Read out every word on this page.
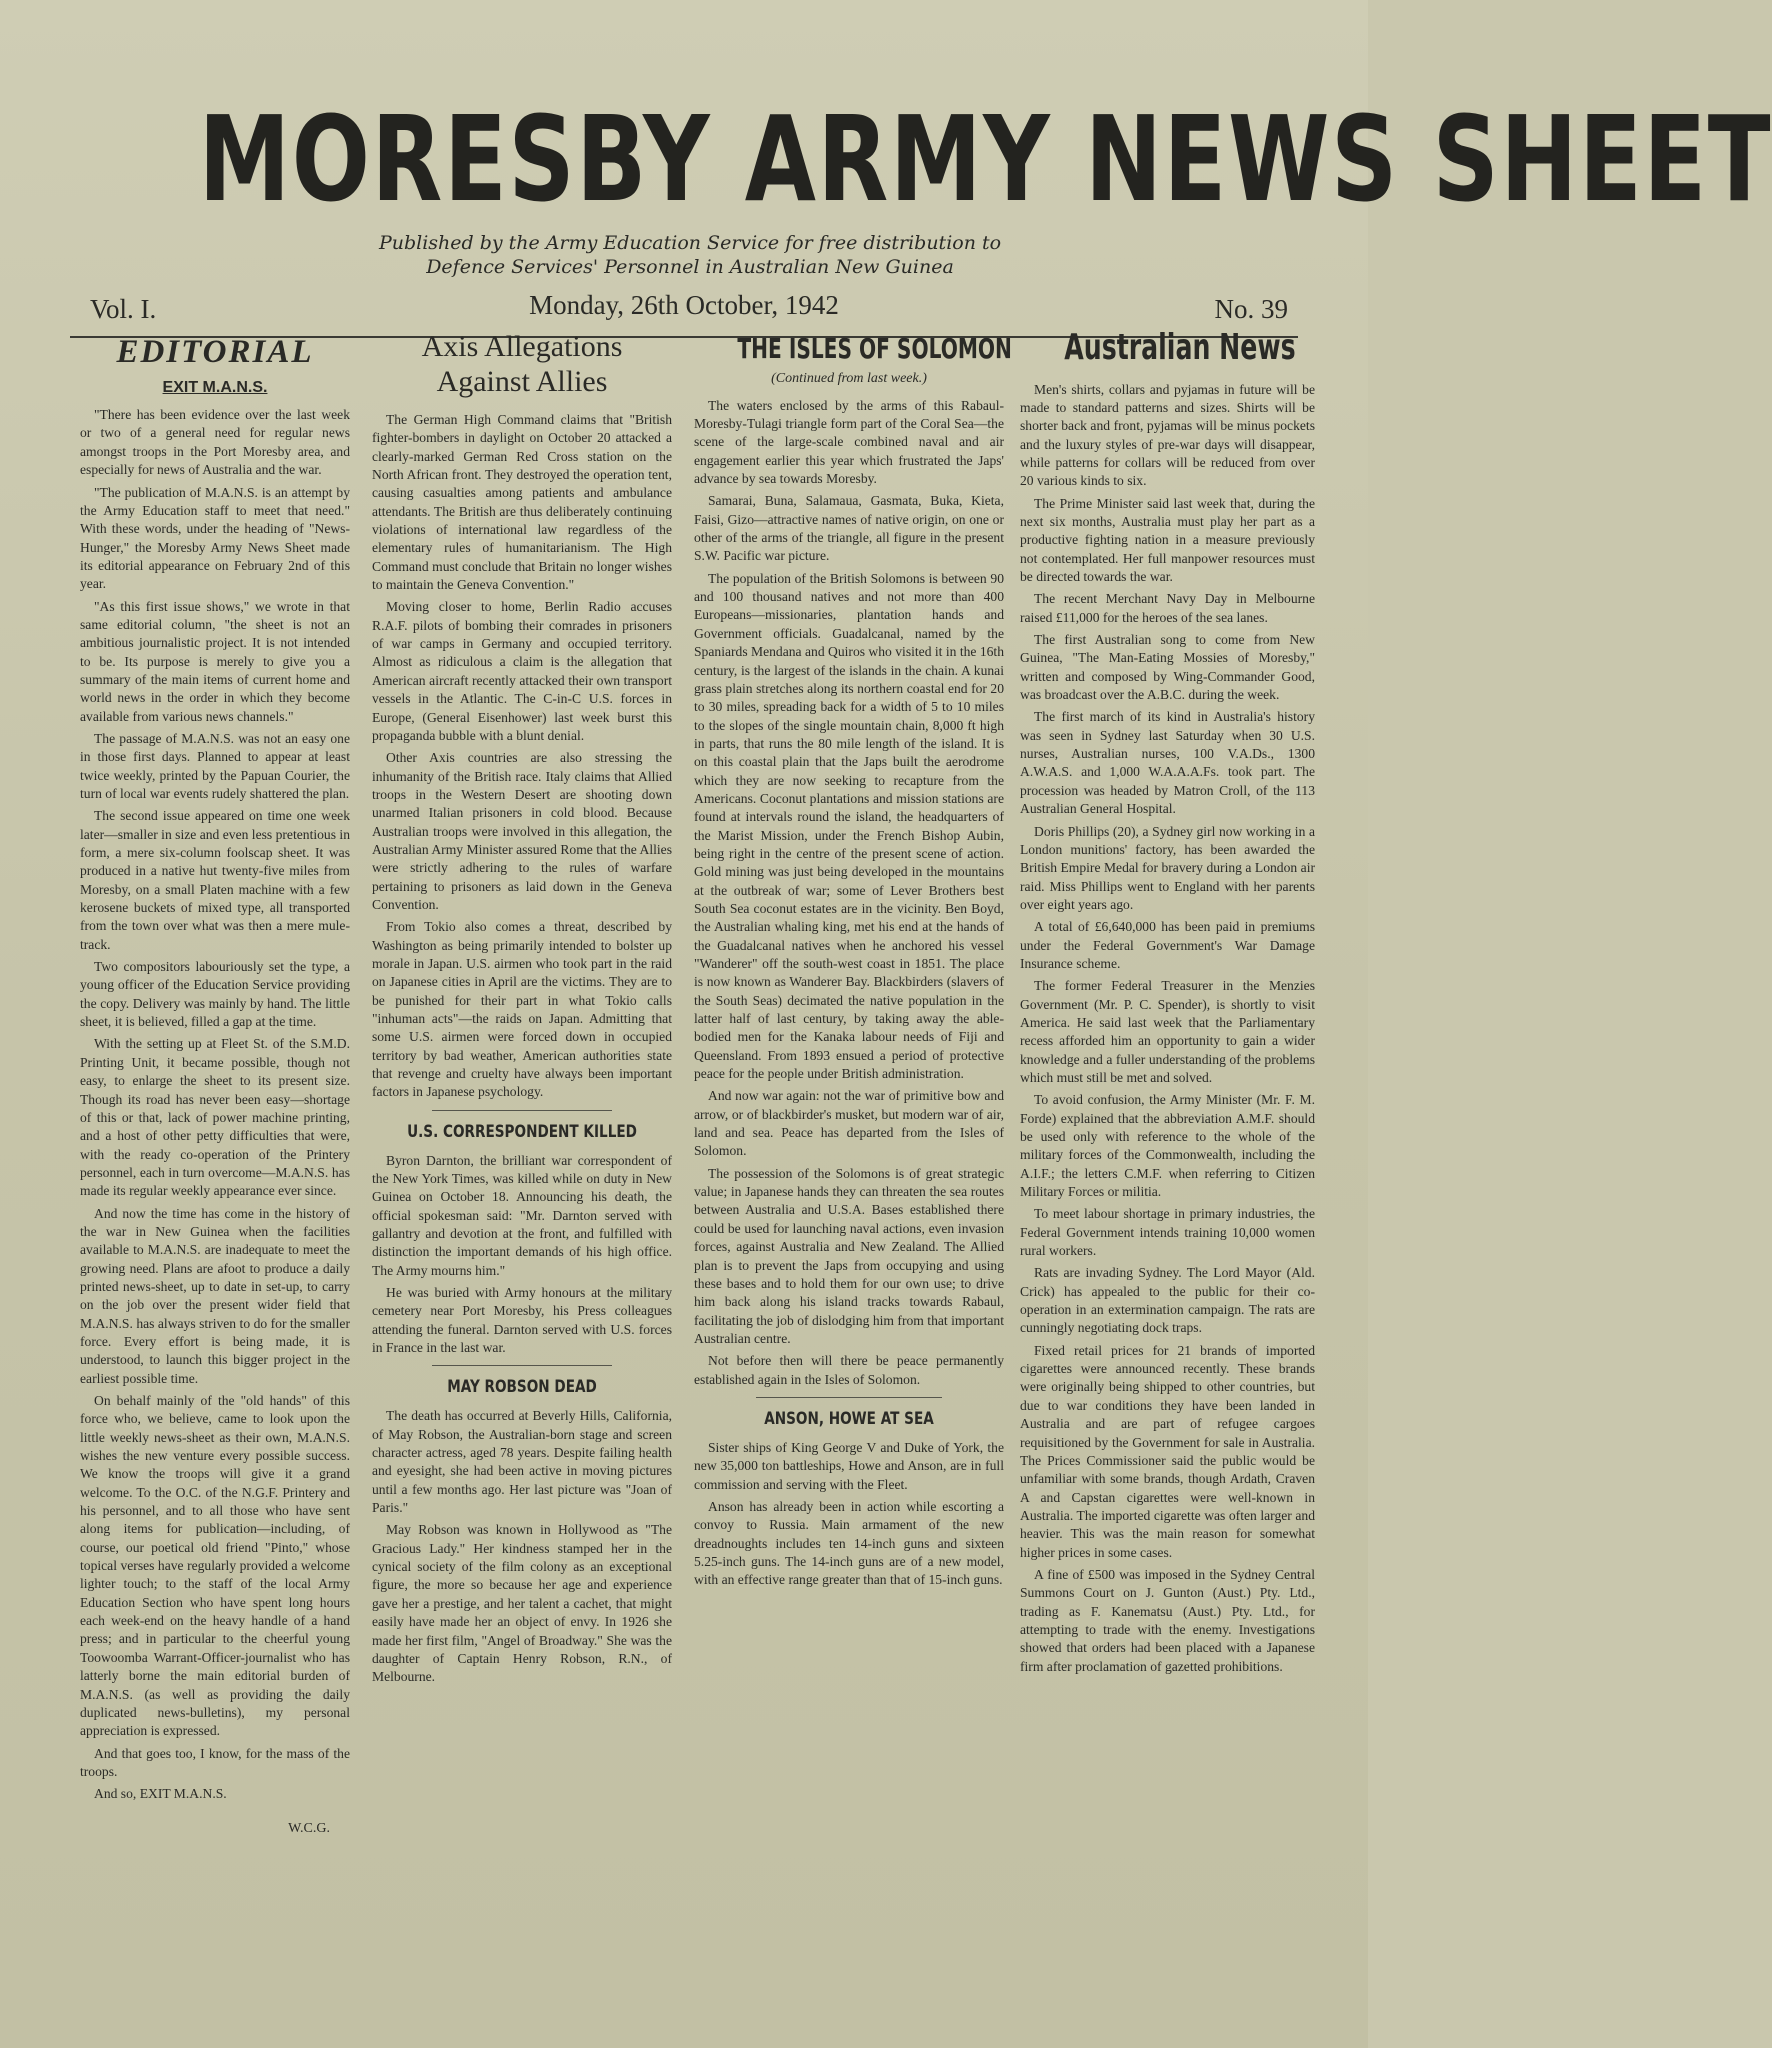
MORESBY ARMY NEWS SHEET
Published by the Army Education Service for free distribution to
Defence Services' Personnel in Australian New Guinea
Vol. I.	Monday, 26th October, 1942	No. 39
EDITORIAL
EXIT M.A.N.S.

"There has been evidence over the last week or two of a general need for regular news amongst troops in the Port Moresby area, and especially for news of Australia and the war.

"The publication of M.A.N.S. is an attempt by the Army Education staff to meet that need." With these words, under the heading of "News-Hunger," the Moresby Army News Sheet made its editorial appearance on February 2nd of this year.

"As this first issue shows," we wrote in that same editorial column, "the sheet is not an ambitious journalistic project. It is not intended to be. Its purpose is merely to give you a summary of the main items of current home and world news in the order in which they become available from various news channels."

The passage of M.A.N.S. was not an easy one in those first days. Planned to appear at least twice weekly, printed by the Papuan Courier, the turn of local war events rudely shattered the plan.

The second issue appeared on time one week later—smaller in size and even less pretentious in form, a mere six-column foolscap sheet. It was produced in a native hut twenty-five miles from Moresby, on a small Platen machine with a few kerosene buckets of mixed type, all transported from the town over what was then a mere mule-track.

Two compositors labouriously set the type, a young officer of the Education Service providing the copy. Delivery was mainly by hand. The little sheet, it is believed, filled a gap at the time.

With the setting up at Fleet St. of the S.M.D. Printing Unit, it became possible, though not easy, to enlarge the sheet to its present size. Though its road has never been easy—shortage of this or that, lack of power machine printing, and a host of other petty difficulties that were, with the ready co-operation of the Printery personnel, each in turn overcome—M.A.N.S. has made its regular weekly appearance ever since.

And now the time has come in the history of the war in New Guinea when the facilities available to M.A.N.S. are inadequate to meet the growing need. Plans are afoot to produce a daily printed news-sheet, up to date in set-up, to carry on the job over the present wider field that M.A.N.S. has always striven to do for the smaller force. Every effort is being made, it is understood, to launch this bigger project in the earliest possible time.

On behalf mainly of the "old hands" of this force who, we believe, came to look upon the little weekly news-sheet as their own, M.A.N.S. wishes the new venture every possible success. We know the troops will give it a grand welcome. To the O.C. of the N.G.F. Printery and his personnel, and to all those who have sent along items for publication—including, of course, our poetical old friend "Pinto," whose topical verses have regularly provided a welcome lighter touch; to the staff of the local Army Education Section who have spent long hours each week-end on the heavy handle of a hand press; and in particular to the cheerful young Toowoomba Warrant-Officer-journalist who has latterly borne the main editorial burden of M.A.N.S. (as well as providing the daily duplicated news-bulletins), my personal appreciation is expressed.

And that goes too, I know, for the mass of the troops.

And so, EXIT M.A.N.S.

W.C.G.
Axis Allegations
Against Allies

The German High Command claims that "British fighter-bombers in daylight on October 20 attacked a clearly-marked German Red Cross station on the North African front. They destroyed the operation tent, causing casualties among patients and ambulance attendants. The British are thus deliberately continuing violations of international law regardless of the elementary rules of humanitarianism. The High Command must conclude that Britain no longer wishes to maintain the Geneva Convention."

Moving closer to home, Berlin Radio accuses R.A.F. pilots of bombing their comrades in prisoners of war camps in Germany and occupied territory. Almost as ridiculous a claim is the allegation that American aircraft recently attacked their own transport vessels in the Atlantic. The C-in-C U.S. forces in Europe, (General Eisenhower) last week burst this propaganda bubble with a blunt denial.

Other Axis countries are also stressing the inhumanity of the British race. Italy claims that Allied troops in the Western Desert are shooting down unarmed Italian prisoners in cold blood. Because Australian troops were involved in this allegation, the Australian Army Minister assured Rome that the Allies were strictly adhering to the rules of warfare pertaining to prisoners as laid down in the Geneva Convention.

From Tokio also comes a threat, described by Washington as being primarily intended to bolster up morale in Japan. U.S. airmen who took part in the raid on Japanese cities in April are the victims. They are to be punished for their part in what Tokio calls "inhuman acts"—the raids on Japan. Admitting that some U.S. airmen were forced down in occupied territory by bad weather, American authorities state that revenge and cruelty have always been important factors in Japanese psychology.

U.S. CORRESPONDENT KILLED

Byron Darnton, the brilliant war correspondent of the New York Times, was killed while on duty in New Guinea on October 18. Announcing his death, the official spokesman said: "Mr. Darnton served with gallantry and devotion at the front, and fulfilled with distinction the important demands of his high office. The Army mourns him."

He was buried with Army honours at the military cemetery near Port Moresby, his Press colleagues attending the funeral. Darnton served with U.S. forces in France in the last war.

MAY ROBSON DEAD

The death has occurred at Beverly Hills, California, of May Robson, the Australian-born stage and screen character actress, aged 78 years. Despite failing health and eyesight, she had been active in moving pictures until a few months ago. Her last picture was "Joan of Paris."

May Robson was known in Hollywood as "The Gracious Lady." Her kindness stamped her in the cynical society of the film colony as an exceptional figure, the more so because her age and experience gave her a prestige, and her talent a cachet, that might easily have made her an object of envy. In 1926 she made her first film, "Angel of Broadway." She was the daughter of Captain Henry Robson, R.N., of Melbourne.

THE ISLES OF SOLOMON
(Continued from last week.)

The waters enclosed by the arms of this Rabaul-Moresby-Tulagi triangle form part of the Coral Sea—the scene of the large-scale combined naval and air engagement earlier this year which frustrated the Japs' advance by sea towards Moresby.

Samarai, Buna, Salamaua, Gasmata, Buka, Kieta, Faisi, Gizo—attractive names of native origin, on one or other of the arms of the triangle, all figure in the present S.W. Pacific war picture.

The population of the British Solomons is between 90 and 100 thousand natives and not more than 400 Europeans—missionaries, plantation hands and Government officials. Guadalcanal, named by the Spaniards Mendana and Quiros who visited it in the 16th century, is the largest of the islands in the chain. A kunai grass plain stretches along its northern coastal end for 20 to 30 miles, spreading back for a width of 5 to 10 miles to the slopes of the single mountain chain, 8,000 ft high in parts, that runs the 80 mile length of the island. It is on this coastal plain that the Japs built the aerodrome which they are now seeking to recapture from the Americans. Coconut plantations and mission stations are found at intervals round the island, the headquarters of the Marist Mission, under the French Bishop Aubin, being right in the centre of the present scene of action. Gold mining was just being developed in the mountains at the outbreak of war; some of Lever Brothers best South Sea coconut estates are in the vicinity. Ben Boyd, the Australian whaling king, met his end at the hands of the Guadalcanal natives when he anchored his vessel "Wanderer" off the south-west coast in 1851. The place is now known as Wanderer Bay. Blackbirders (slavers of the South Seas) decimated the native population in the latter half of last century, by taking away the able-bodied men for the Kanaka labour needs of Fiji and Queensland. From 1893 ensued a period of protective peace for the people under British administration.

And now war again: not the war of primitive bow and arrow, or of blackbirder's musket, but modern war of air, land and sea. Peace has departed from the Isles of Solomon.

The possession of the Solomons is of great strategic value; in Japanese hands they can threaten the sea routes between Australia and U.S.A. Bases established there could be used for launching naval actions, even invasion forces, against Australia and New Zealand. The Allied plan is to prevent the Japs from occupying and using these bases and to hold them for our own use; to drive him back along his island tracks towards Rabaul, facilitating the job of dislodging him from that important Australian centre.

Not before then will there be peace permanently established again in the Isles of Solomon.

ANSON, HOWE AT SEA

Sister ships of King George V and Duke of York, the new 35,000 ton battleships, Howe and Anson, are in full commission and serving with the Fleet.

Anson has already been in action while escorting a convoy to Russia. Main armament of the new dreadnoughts includes ten 14-inch guns and sixteen 5.25-inch guns. The 14-inch guns are of a new model, with an effective range greater than that of 15-inch guns.

Australian News

Men's shirts, collars and pyjamas in future will be made to standard patterns and sizes. Shirts will be shorter back and front, pyjamas will be minus pockets and the luxury styles of pre-war days will disappear, while patterns for collars will be reduced from over 20 various kinds to six.

The Prime Minister said last week that, during the next six months, Australia must play her part as a productive fighting nation in a measure previously not contemplated. Her full manpower resources must be directed towards the war.

The recent Merchant Navy Day in Melbourne raised £11,000 for the heroes of the sea lanes.

The first Australian song to come from New Guinea, "The Man-Eating Mossies of Moresby," written and composed by Wing-Commander Good, was broadcast over the A.B.C. during the week.

The first march of its kind in Australia's history was seen in Sydney last Saturday when 30 U.S. nurses, Australian nurses, 100 V.A.Ds., 1300 A.W.A.S. and 1,000 W.A.A.A.Fs. took part. The procession was headed by Matron Croll, of the 113 Australian General Hospital.

Doris Phillips (20), a Sydney girl now working in a London munitions' factory, has been awarded the British Empire Medal for bravery during a London air raid. Miss Phillips went to England with her parents over eight years ago.

A total of £6,640,000 has been paid in premiums under the Federal Government's War Damage Insurance scheme.

The former Federal Treasurer in the Menzies Government (Mr. P. C. Spender), is shortly to visit America. He said last week that the Parliamentary recess afforded him an opportunity to gain a wider knowledge and a fuller understanding of the problems which must still be met and solved.

To avoid confusion, the Army Minister (Mr. F. M. Forde) explained that the abbreviation A.M.F. should be used only with reference to the whole of the military forces of the Commonwealth, including the A.I.F.; the letters C.M.F. when referring to Citizen Military Forces or militia.

To meet labour shortage in primary industries, the Federal Government intends training 10,000 women rural workers.

Rats are invading Sydney. The Lord Mayor (Ald. Crick) has appealed to the public for their co-operation in an extermination campaign. The rats are cunningly negotiating dock traps.

Fixed retail prices for 21 brands of imported cigarettes were announced recently. These brands were originally being shipped to other countries, but due to war conditions they have been landed in Australia and are part of refugee cargoes requisitioned by the Government for sale in Australia. The Prices Commissioner said the public would be unfamiliar with some brands, though Ardath, Craven A and Capstan cigarettes were well-known in Australia. The imported cigarette was often larger and heavier. This was the main reason for somewhat higher prices in some cases.

A fine of £500 was imposed in the Sydney Central Summons Court on J. Gunton (Aust.) Pty. Ltd., trading as F. Kanematsu (Aust.) Pty. Ltd., for attempting to trade with the enemy. Investigations showed that orders had been placed with a Japanese firm after proclamation of gazetted prohibitions.
